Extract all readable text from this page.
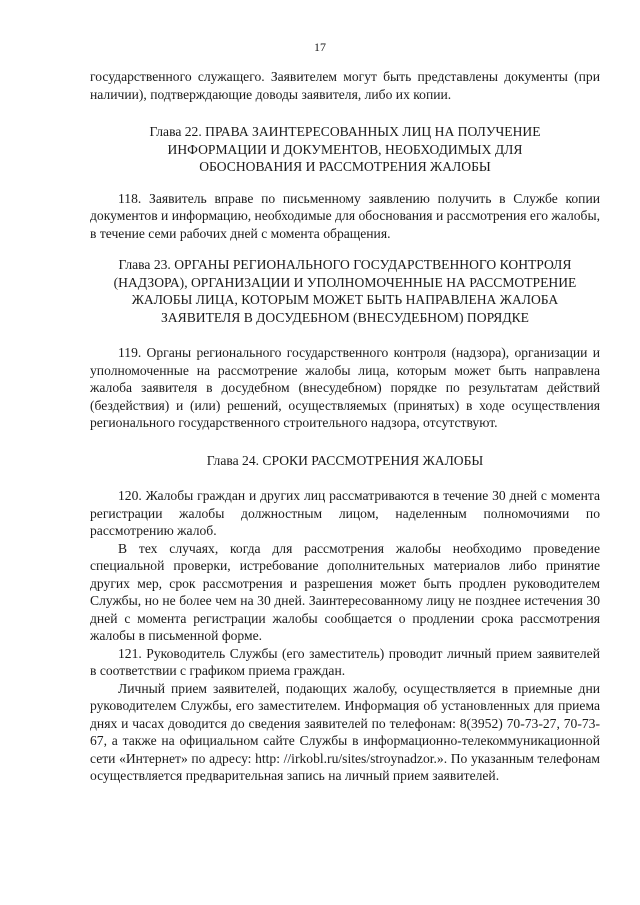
17

государственного служащего. Заявителем могут быть представлены документы (при наличии), подтверждающие доводы заявителя, либо их копии.

Глава 22. ПРАВА ЗАИНТЕРЕСОВАННЫХ ЛИЦ НА ПОЛУЧЕНИЕ ИНФОРМАЦИИ И ДОКУМЕНТОВ, НЕОБХОДИМЫХ ДЛЯ ОБОСНОВАНИЯ И РАССМОТРЕНИЯ ЖАЛОБЫ

118. Заявитель вправе по письменному заявлению получить в Службе копии документов и информацию, необходимые для обоснования и рассмотрения его жалобы, в течение семи рабочих дней с момента обращения.

Глава 23. ОРГАНЫ РЕГИОНАЛЬНОГО ГОСУДАРСТВЕННОГО КОНТРОЛЯ (НАДЗОРА), ОРГАНИЗАЦИИ И УПОЛНОМОЧЕННЫЕ НА РАССМОТРЕНИЕ ЖАЛОБЫ ЛИЦА, КОТОРЫМ МОЖЕТ БЫТЬ НАПРАВЛЕНА ЖАЛОБА ЗАЯВИТЕЛЯ В ДОСУДЕБНОМ (ВНЕСУДЕБНОМ) ПОРЯДКЕ

119. Органы регионального государственного контроля (надзора), организации и уполномоченные на рассмотрение жалобы лица, которым может быть направлена жалоба заявителя в досудебном (внесудебном) порядке по результатам действий (бездействия) и (или) решений, осуществляемых (принятых) в ходе осуществления регионального государственного строительного надзора, отсутствуют.

Глава 24. СРОКИ РАССМОТРЕНИЯ ЖАЛОБЫ

120. Жалобы граждан и других лиц рассматриваются в течение 30 дней с момента регистрации жалобы должностным лицом, наделенным полномочиями по рассмотрению жалоб.

В тех случаях, когда для рассмотрения жалобы необходимо проведение специальной проверки, истребование дополнительных материалов либо принятие других мер, срок рассмотрения и разрешения может быть продлен руководителем Службы, но не более чем на 30 дней. Заинтересованному лицу не позднее истечения 30 дней с момента регистрации жалобы сообщается о продлении срока рассмотрения жалобы в письменной форме.

121. Руководитель Службы (его заместитель) проводит личный прием заявителей в соответствии с графиком приема граждан.

Личный прием заявителей, подающих жалобу, осуществляется в приемные дни руководителем Службы, его заместителем. Информация об установленных для приема днях и часах доводится до сведения заявителей по телефонам: 8(3952) 70-73-27, 70-73-67, а также на официальном сайте Службы в информационно-телекоммуникационной сети «Интернет» по адресу: http: //irkobl.ru/sites/stroynadzor.». По указанным телефонам осуществляется предварительная запись на личный прием заявителей.
